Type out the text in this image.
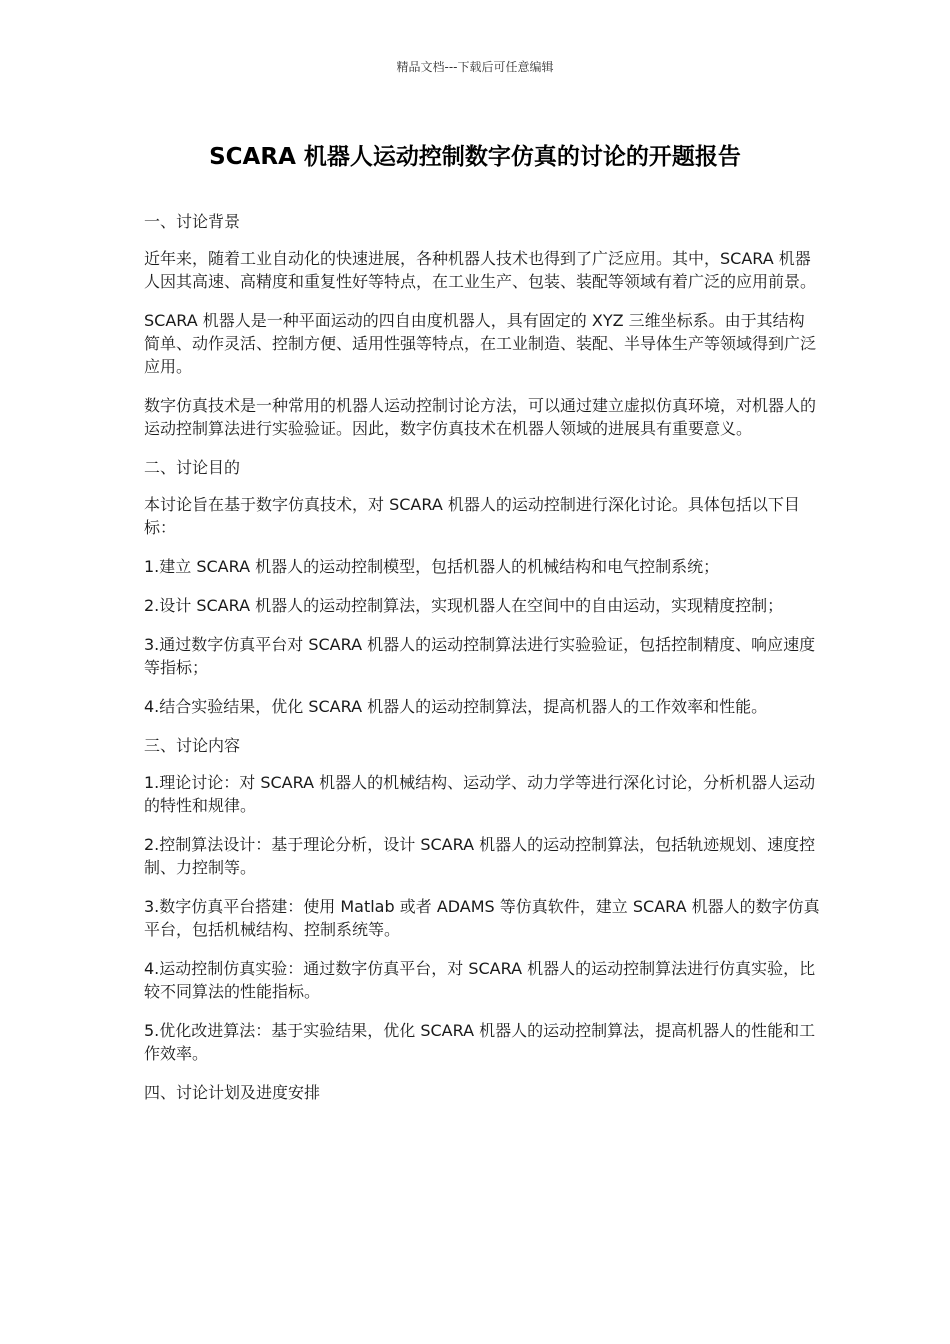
精品文档---下载后可任意编辑
SCARA 机器人运动控制数字仿真的讨论的开题报告

一、讨论背景

近年来，随着工业自动化的快速进展，各种机器人技术也得到了广泛应用。其中，SCARA 机器人因其高速、高精度和重复性好等特点，在工业生产、包装、装配等领域有着广泛的应用前景。

SCARA 机器人是一种平面运动的四自由度机器人，具有固定的 XYZ 三维坐标系。由于其结构简单、动作灵活、控制方便、适用性强等特点，在工业制造、装配、半导体生产等领域得到广泛应用。

数字仿真技术是一种常用的机器人运动控制讨论方法，可以通过建立虚拟仿真环境，对机器人的运动控制算法进行实验验证。因此，数字仿真技术在机器人领域的进展具有重要意义。

二、讨论目的

本讨论旨在基于数字仿真技术，对 SCARA 机器人的运动控制进行深化讨论。具体包括以下目标：

1.建立 SCARA 机器人的运动控制模型，包括机器人的机械结构和电气控制系统；

2.设计 SCARA 机器人的运动控制算法，实现机器人在空间中的自由运动，实现精度控制；

3.通过数字仿真平台对 SCARA 机器人的运动控制算法进行实验验证，包括控制精度、响应速度等指标；

4.结合实验结果，优化 SCARA 机器人的运动控制算法，提高机器人的工作效率和性能。

三、讨论内容

1.理论讨论：对 SCARA 机器人的机械结构、运动学、动力学等进行深化讨论，分析机器人运动的特性和规律。

2.控制算法设计：基于理论分析，设计 SCARA 机器人的运动控制算法，包括轨迹规划、速度控制、力控制等。

3.数字仿真平台搭建：使用 Matlab 或者 ADAMS 等仿真软件，建立 SCARA 机器人的数字仿真平台，包括机械结构、控制系统等。

4.运动控制仿真实验：通过数字仿真平台，对 SCARA 机器人的运动控制算法进行仿真实验，比较不同算法的性能指标。

5.优化改进算法：基于实验结果，优化 SCARA 机器人的运动控制算法，提高机器人的性能和工作效率。

四、讨论计划及进度安排
